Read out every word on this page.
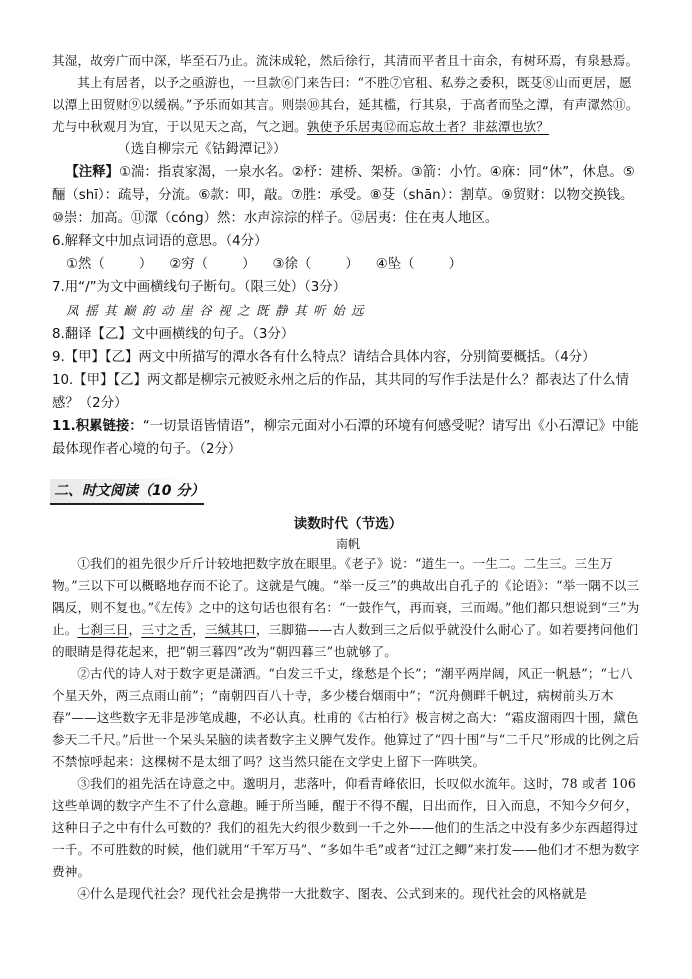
其湿，故旁广而中深，毕至石乃止。流沫成轮，然后徐行，其清而平者且十亩余，有树环焉，有泉悬焉。

其上有居者，以予之亟游也，一旦款⑥门来告曰：“不胜⑦官租、私券之委积，既芟⑧山而更居，愿以潭上田贸财⑨以缓祸。”予乐而如其言。则崇⑩其台，延其槛，行其泉，于高者而坠之潭，有声潀然⑪。尤与中秋观月为宜，于以见天之高，气之迥。孰使予乐居夷⑫而忘故土者？非兹潭也欤？（选自柳宗元《钴鉧潭记》）

【注释】①湍：指袁家渴，一泉水名。②杼：建桥、架桥。③箭：小竹。④庥：同“休”，休息。⑤酾（shī）：疏导，分流。⑥款：叩，敲。⑦胜：承受。⑧芟（shān）：割草。⑨贸财：以物交换钱。⑩崇：加高。⑪潀（cóng）然：水声淙淙的样子。⑫居夷：住在夷人地区。

6.解释文中加点词语的意思。（4分）

①然（        ）    ②穷（        ）    ③徐（        ）    ④坠（        ）

7.用“/”为文中画横线句子断句。（限三处）（3分）

凤 摇 其 巅 韵 动 崖 谷 视 之 既 静 其 听 始 远

8.翻译【乙】文中画横线的句子。（3分）

9.【甲】【乙】两文中所描写的潭水各有什么特点？请结合具体内容，分别简要概括。（4分）

10.【甲】【乙】两文都是柳宗元被贬永州之后的作品，其共同的写作手法是什么？都表达了什么情感？（2分）

11.积累链接：“一切景语皆情语”，柳宗元面对小石潭的环境有何感受呢？请写出《小石潭记》中能最体现作者心境的句子。（2分）

二、时文阅读（10 分）

读数时代（节选）

南帆

①我们的祖先很少斤斤计较地把数字放在眼里。《老子》说：“道生一。一生二。二生三。三生万物。”三以下可以概略地存而不论了。这就是气魄。“举一反三”的典故出自孔子的《论语》：“举一隅不以三隅反，则不复也。”《左传》之中的这句话也很有名：“一鼓作气，再而衰，三而竭。”他们都只想说到“三”为止。七刹三日，三寸之舌，三缄其口，三脚猫——古人数到三之后似乎就没什么耐心了。如若要拷问他们的眼睛是得花起来，把“朝三暮四”改为“朝四暮三”也就够了。

②古代的诗人对于数字更是潇洒。“白发三千丈，缘愁是个长”；“潮平两岸阔，风正一帆悬”；“七八个星天外，两三点雨山前”；“南朝四百八十寺，多少楼台烟雨中”；“沉舟侧畔千帆过，病树前头万木春”——这些数字无非是涉笔成趣，不必认真。杜甫的《古柏行》极言树之高大：“霜皮溜雨四十围，黛色参天二千尺。”后世一个呆头呆脑的读者数字主义脾气发作。他算过了“四十围”与“二千尺”形成的比例之后不禁惊呼起来：这棵树不是太细了吗？这当然只能在文学史上留下一阵哄笑。

③我们的祖先活在诗意之中。邈明月，悲落叶，仰看青峰依旧，长叹似水流年。这时，78 或者 106 这些单调的数字产生不了什么意趣。睡于所当睡，醒于不得不醒，日出而作，日入而息，不知今夕何夕，这种日子之中有什么可数的？我们的祖先大约很少数到一千之外——他们的生活之中没有多少东西超得过一千。不可胜数的时候，他们就用“千军万马”、“多如牛毛”或者“过江之鲫”来打发——他们才不想为数字费神。

④什么是现代社会？现代社会是携带一大批数字、图表、公式到来的。现代社会的风格就是
